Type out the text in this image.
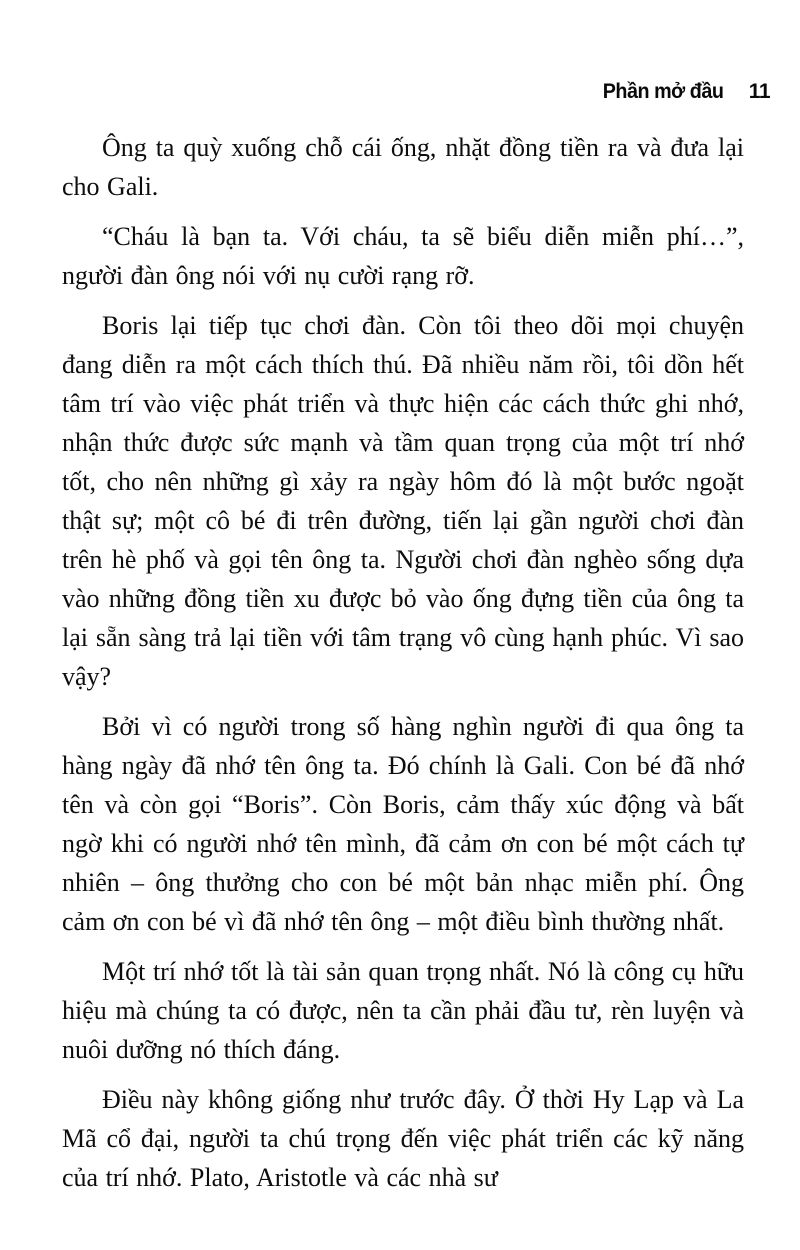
Phần mở đầu 11

Ông ta quỳ xuống chỗ cái ống, nhặt đồng tiền ra và đưa lại cho Gali.

“Cháu là bạn ta. Với cháu, ta sẽ biểu diễn miễn phí…”, người đàn ông nói với nụ cười rạng rỡ.

Boris lại tiếp tục chơi đàn. Còn tôi theo dõi mọi chuyện đang diễn ra một cách thích thú. Đã nhiều năm rồi, tôi dồn hết tâm trí vào việc phát triển và thực hiện các cách thức ghi nhớ, nhận thức được sức mạnh và tầm quan trọng của một trí nhớ tốt, cho nên những gì xảy ra ngày hôm đó là một bước ngoặt thật sự; một cô bé đi trên đường, tiến lại gần người chơi đàn trên hè phố và gọi tên ông ta. Người chơi đàn nghèo sống dựa vào những đồng tiền xu được bỏ vào ống đựng tiền của ông ta lại sẵn sàng trả lại tiền với tâm trạng vô cùng hạnh phúc. Vì sao vậy?

Bởi vì có người trong số hàng nghìn người đi qua ông ta hàng ngày đã nhớ tên ông ta. Đó chính là Gali. Con bé đã nhớ tên và còn gọi “Boris”. Còn Boris, cảm thấy xúc động và bất ngờ khi có người nhớ tên mình, đã cảm ơn con bé một cách tự nhiên – ông thưởng cho con bé một bản nhạc miễn phí. Ông cảm ơn con bé vì đã nhớ tên ông – một điều bình thường nhất.

Một trí nhớ tốt là tài sản quan trọng nhất. Nó là công cụ hữu hiệu mà chúng ta có được, nên ta cần phải đầu tư, rèn luyện và nuôi dưỡng nó thích đáng.

Điều này không giống như trước đây. Ở thời Hy Lạp và La Mã cổ đại, người ta chú trọng đến việc phát triển các kỹ năng của trí nhớ. Plato, Aristotle và các nhà sư
